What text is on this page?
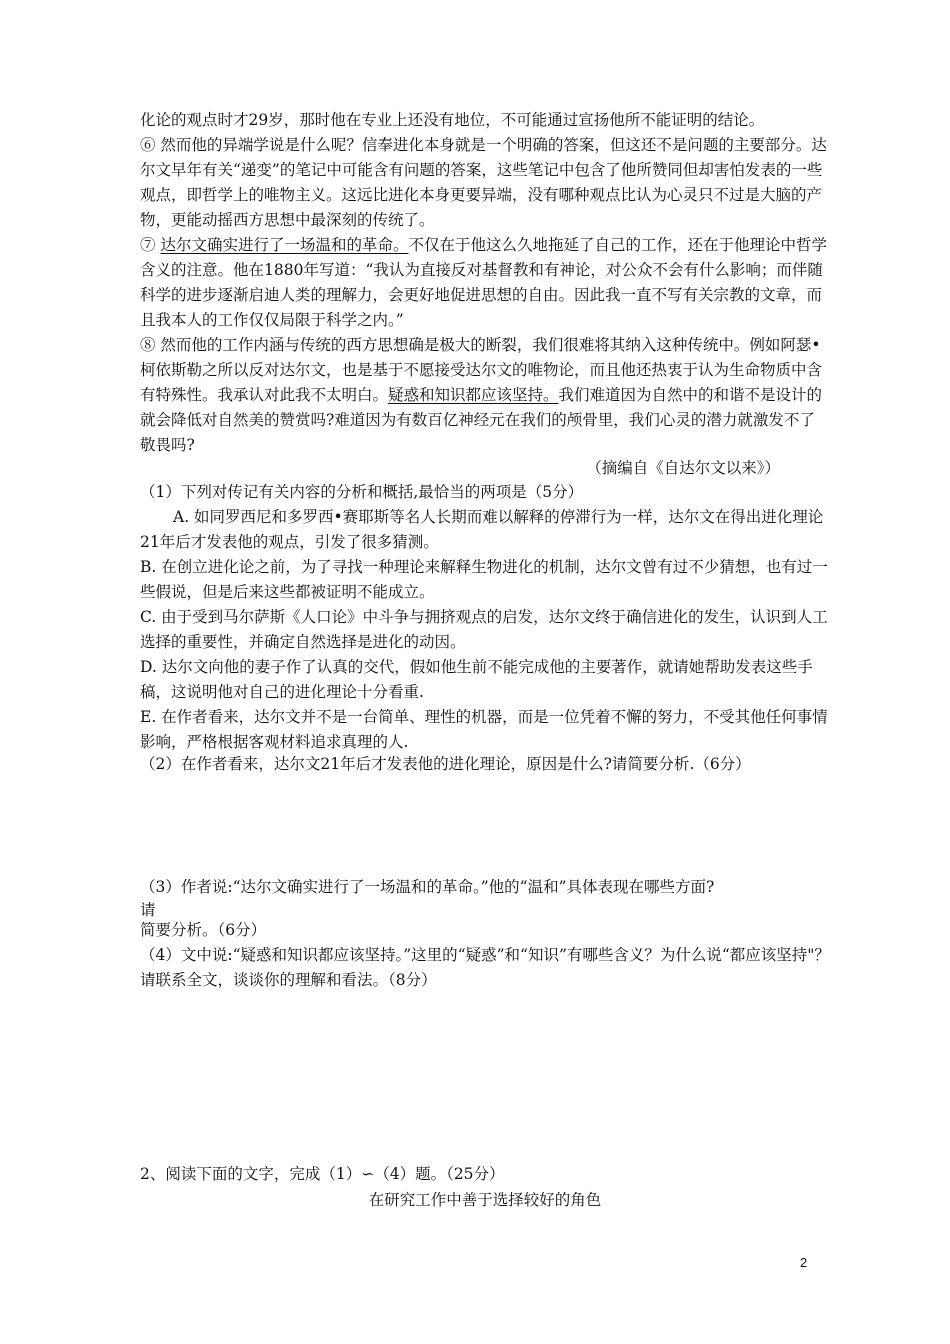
化论的观点时才29岁，那时他在专业上还没有地位，不可能通过宣扬他所不能证明的结论。

⑥ 然而他的异端学说是什么呢？信奉进化本身就是一个明确的答案，但这还不是问题的主要部分。达尔文早年有关“递变”的笔记中可能含有问题的答案，这些笔记中包含了他所赞同但却害怕发表的一些观点，即哲学上的唯物主义。这远比进化本身更要异端，没有哪种观点比认为心灵只不过是大脑的产物，更能动摇西方思想中最深刻的传统了。

⑦ 达尔文确实进行了一场温和的革命。不仅在于他这么久地拖延了自己的工作，还在于他理论中哲学含义的注意。他在1880年写道：“我认为直接反对基督教和有神论，对公众不会有什么影响；而伴随科学的进步逐渐启迪人类的理解力，会更好地促进思想的自由。因此我一直不写有关宗教的文章，而且我本人的工作仅仅局限于科学之内。”

⑧ 然而他的工作内涵与传统的西方思想确是极大的断裂，我们很难将其纳入这种传统中。例如阿瑟•柯依斯勒之所以反对达尔文，也是基于不愿接受达尔文的唯物论，而且他还热衷于认为生命物质中含有特殊性。我承认对此我不太明白。疑惑和知识都应该坚持。我们难道因为自然中的和谐不是设计的就会降低对自然美的赞赏吗?难道因为有数百亿神经元在我们的颅骨里，我们心灵的潜力就激发不了敬畏吗?

（摘编自《自达尔文以来》）

（1）下列对传记有关内容的分析和概括,最恰当的两项是（5分）

A. 如同罗西尼和多罗西•赛耶斯等名人长期而难以解释的停滞行为一样，达尔文在得出进化理论21年后才发表他的观点，引发了很多猜测。

B. 在创立进化论之前，为了寻找一种理论来解释生物进化的机制，达尔文曾有过不少猜想，也有过一些假说，但是后来这些都被证明不能成立。

C. 由于受到马尔萨斯《人口论》中斗争与拥挤观点的启发，达尔文终于确信进化的发生，认识到人工选择的重要性，并确定自然选择是进化的动因。

D. 达尔文向他的妻子作了认真的交代，假如他生前不能完成他的主要著作，就请她帮助发表这些手稿，这说明他对自己的进化理论十分看重.

E. 在作者看来，达尔文并不是一台简单、理性的机器，而是一位凭着不懈的努力，不受其他任何事情影响，严格根据客观材料追求真理的人.

（2）在作者看来，达尔文21年后才发表他的进化理论，原因是什么?请简要分析.（6分）

（3）作者说:“达尔文确实进行了一场温和的革命。”他的“温和”具体表现在哪些方面?

请

简要分析。（6分）

（4）文中说:“疑惑和知识都应该坚持。”这里的“疑惑”和“知识”有哪些含义？为什么说“都应该坚持"？请联系全文，谈谈你的理解和看法。（8分）

2、阅读下面的文字，完成（1）∽（4）题。（25分）

在研究工作中善于选择较好的角色

2
